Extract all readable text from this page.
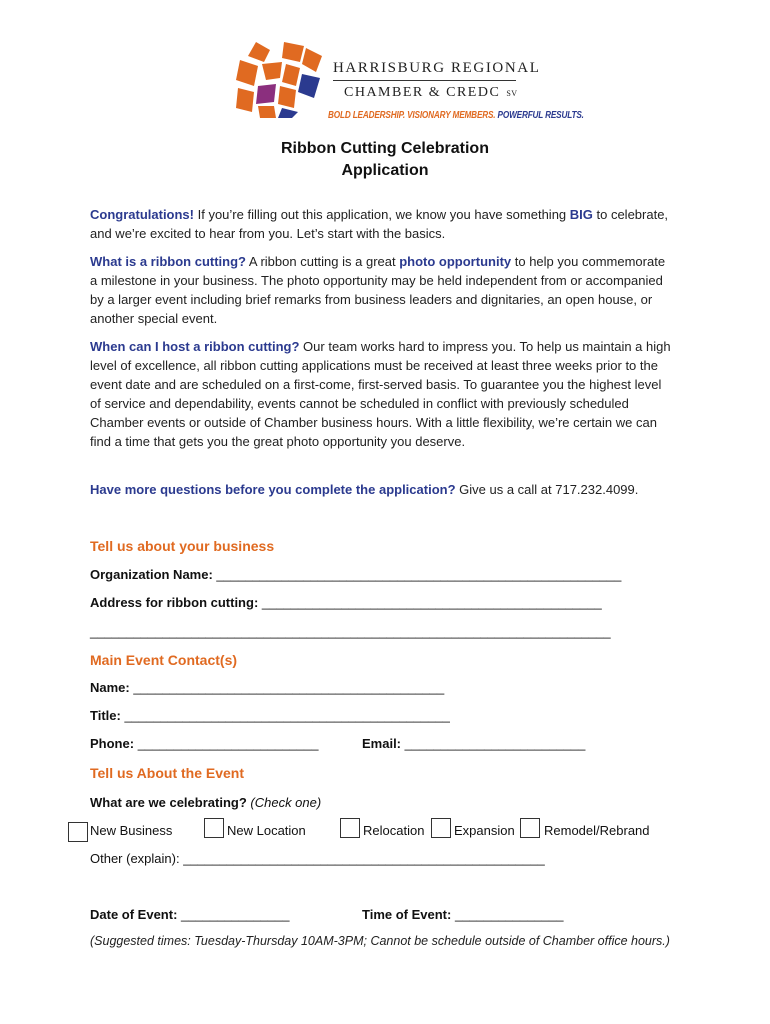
HARRISBURG REGIONAL
CHAMBER & CREDC SV
BOLD LEADERSHIP. VISIONARY MEMBERS. POWERFUL RESULTS.
Ribbon Cutting Celebration
Application
Congratulations! If you’re filling out this application, we know you have something BIG to celebrate, and we’re excited to hear from you. Let’s start with the basics.
What is a ribbon cutting? A ribbon cutting is a great photo opportunity to help you commemorate a milestone in your business. The photo opportunity may be held independent from or accompanied by a larger event including brief remarks from business leaders and dignitaries, an open house, or another special event.
When can I host a ribbon cutting? Our team works hard to impress you. To help us maintain a high level of excellence, all ribbon cutting applications must be received at least three weeks prior to the event date and are scheduled on a first-come, first-served basis. To guarantee you the highest level of service and dependability, events cannot be scheduled in conflict with previously scheduled Chamber events or outside of Chamber business hours. With a little flexibility, we’re certain we can find a time that gets you the great photo opportunity you deserve.
Have more questions before you complete the application? Give us a call at 717.232.4099.
Tell us about your business
Organization Name: ________________________________________________________
Address for ribbon cutting: _______________________________________________
________________________________________________________________________
Main Event Contact(s)
Name: ___________________________________________
Title: _____________________________________________
Phone: _________________________	Email: _________________________
Tell us About the Event
What are we celebrating? (Check one)
New Business	New Location	Relocation Expansion Remodel/Rebrand
Other (explain): __________________________________________________
Date of Event: _______________	Time of Event: _______________
(Suggested times: Tuesday-Thursday 10AM-3PM; Cannot be schedule outside of Chamber office hours.)
